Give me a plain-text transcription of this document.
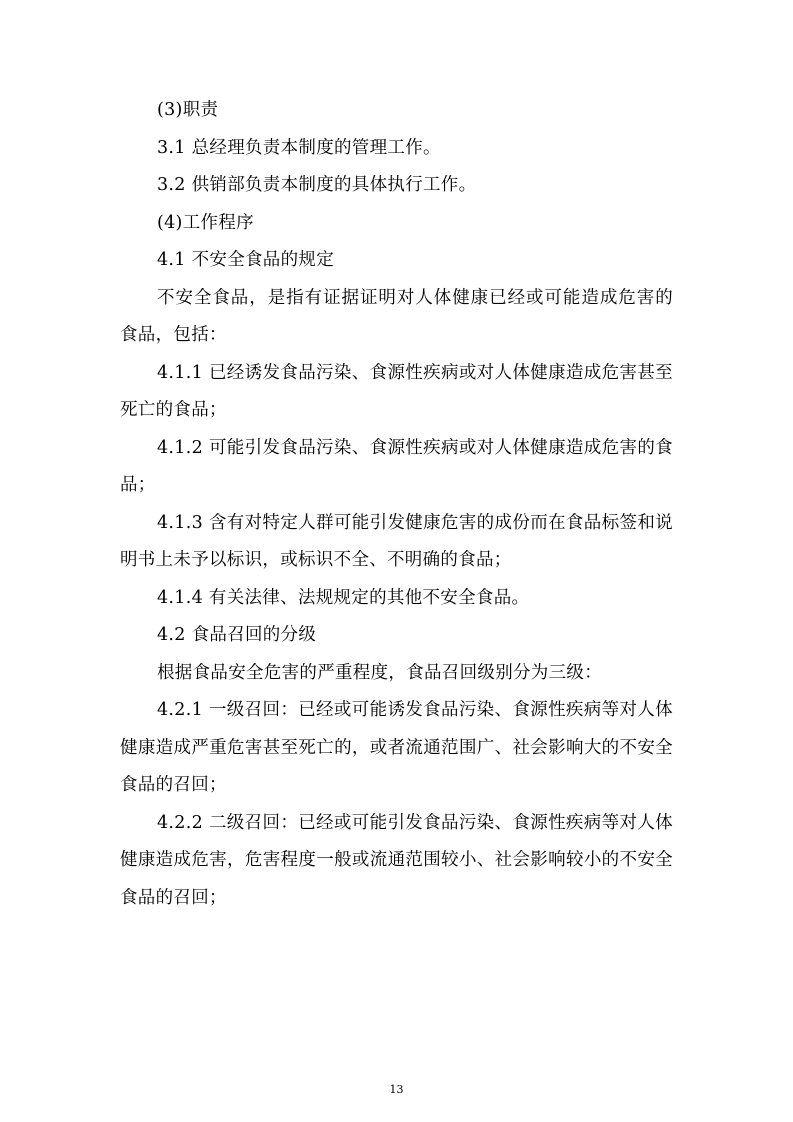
(3)职责

3.1 总经理负责本制度的管理工作。

3.2 供销部负责本制度的具体执行工作。

(4)工作程序

4.1 不安全食品的规定

不安全食品，是指有证据证明对人体健康已经或可能造成危害的食品，包括：

4.1.1 已经诱发食品污染、食源性疾病或对人体健康造成危害甚至死亡的食品；

4.1.2 可能引发食品污染、食源性疾病或对人体健康造成危害的食品；

4.1.3 含有对特定人群可能引发健康危害的成份而在食品标签和说明书上未予以标识，或标识不全、不明确的食品；

4.1.4 有关法律、法规规定的其他不安全食品。

4.2 食品召回的分级

根据食品安全危害的严重程度，食品召回级别分为三级：

4.2.1 一级召回：已经或可能诱发食品污染、食源性疾病等对人体健康造成严重危害甚至死亡的，或者流通范围广、社会影响大的不安全食品的召回；

4.2.2 二级召回：已经或可能引发食品污染、食源性疾病等对人体健康造成危害，危害程度一般或流通范围较小、社会影响较小的不安全食品的召回；

13
